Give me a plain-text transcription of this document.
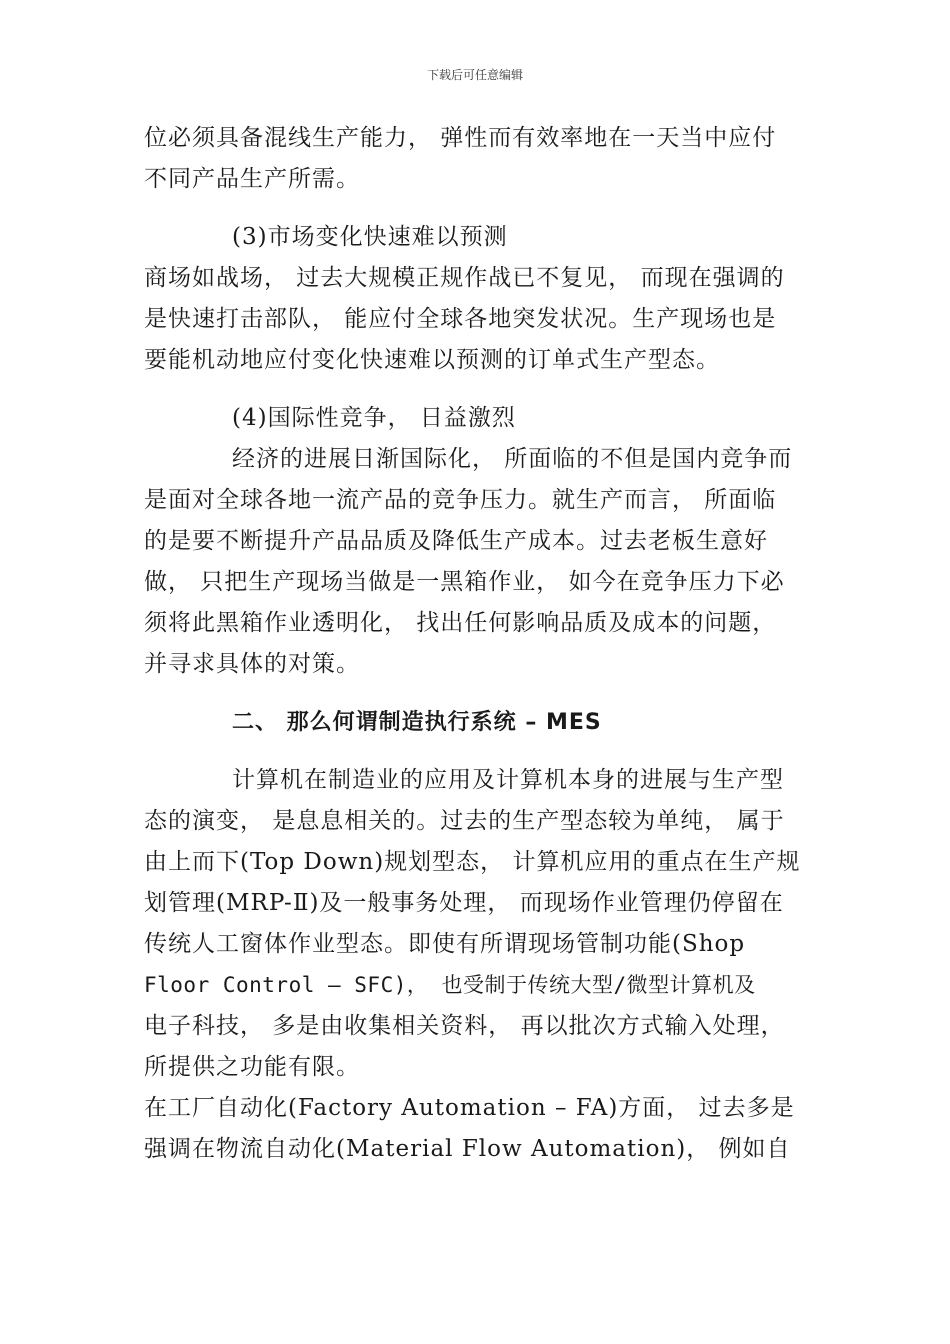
下载后可任意编辑
位必须具备混线生产能力， 弹性而有效率地在一天当中应付
不同产品生产所需。
(3)市场变化快速难以预测
商场如战场， 过去大规模正规作战已不复见， 而现在强调的
是快速打击部队， 能应付全球各地突发状况。生产现场也是
要能机动地应付变化快速难以预测的订单式生产型态。
(4)国际性竞争， 日益激烈
经济的进展日渐国际化， 所面临的不但是国内竞争而
是面对全球各地一流产品的竞争压力。就生产而言， 所面临
的是要不断提升产品品质及降低生产成本。过去老板生意好
做， 只把生产现场当做是一黑箱作业， 如今在竞争压力下必
须将此黑箱作业透明化， 找出任何影响品质及成本的问题，
并寻求具体的对策。
二、 那么何谓制造执行系统 – MES
计算机在制造业的应用及计算机本身的进展与生产型
态的演变， 是息息相关的。过去的生产型态较为单纯， 属于
由上而下(Top Down)规划型态， 计算机应用的重点在生产规
划管理(MRP-Ⅱ)及一般事务处理， 而现场作业管理仍停留在
传统人工窗体作业型态。即使有所谓现场管制功能(Shop
Floor Control – SFC)， 也受制于传统大型/微型计算机及
电子科技， 多是由收集相关资料， 再以批次方式输入处理，
所提供之功能有限。
在工厂自动化(Factory Automation – FA)方面， 过去多是
强调在物流自动化(Material Flow Automation)， 例如自
